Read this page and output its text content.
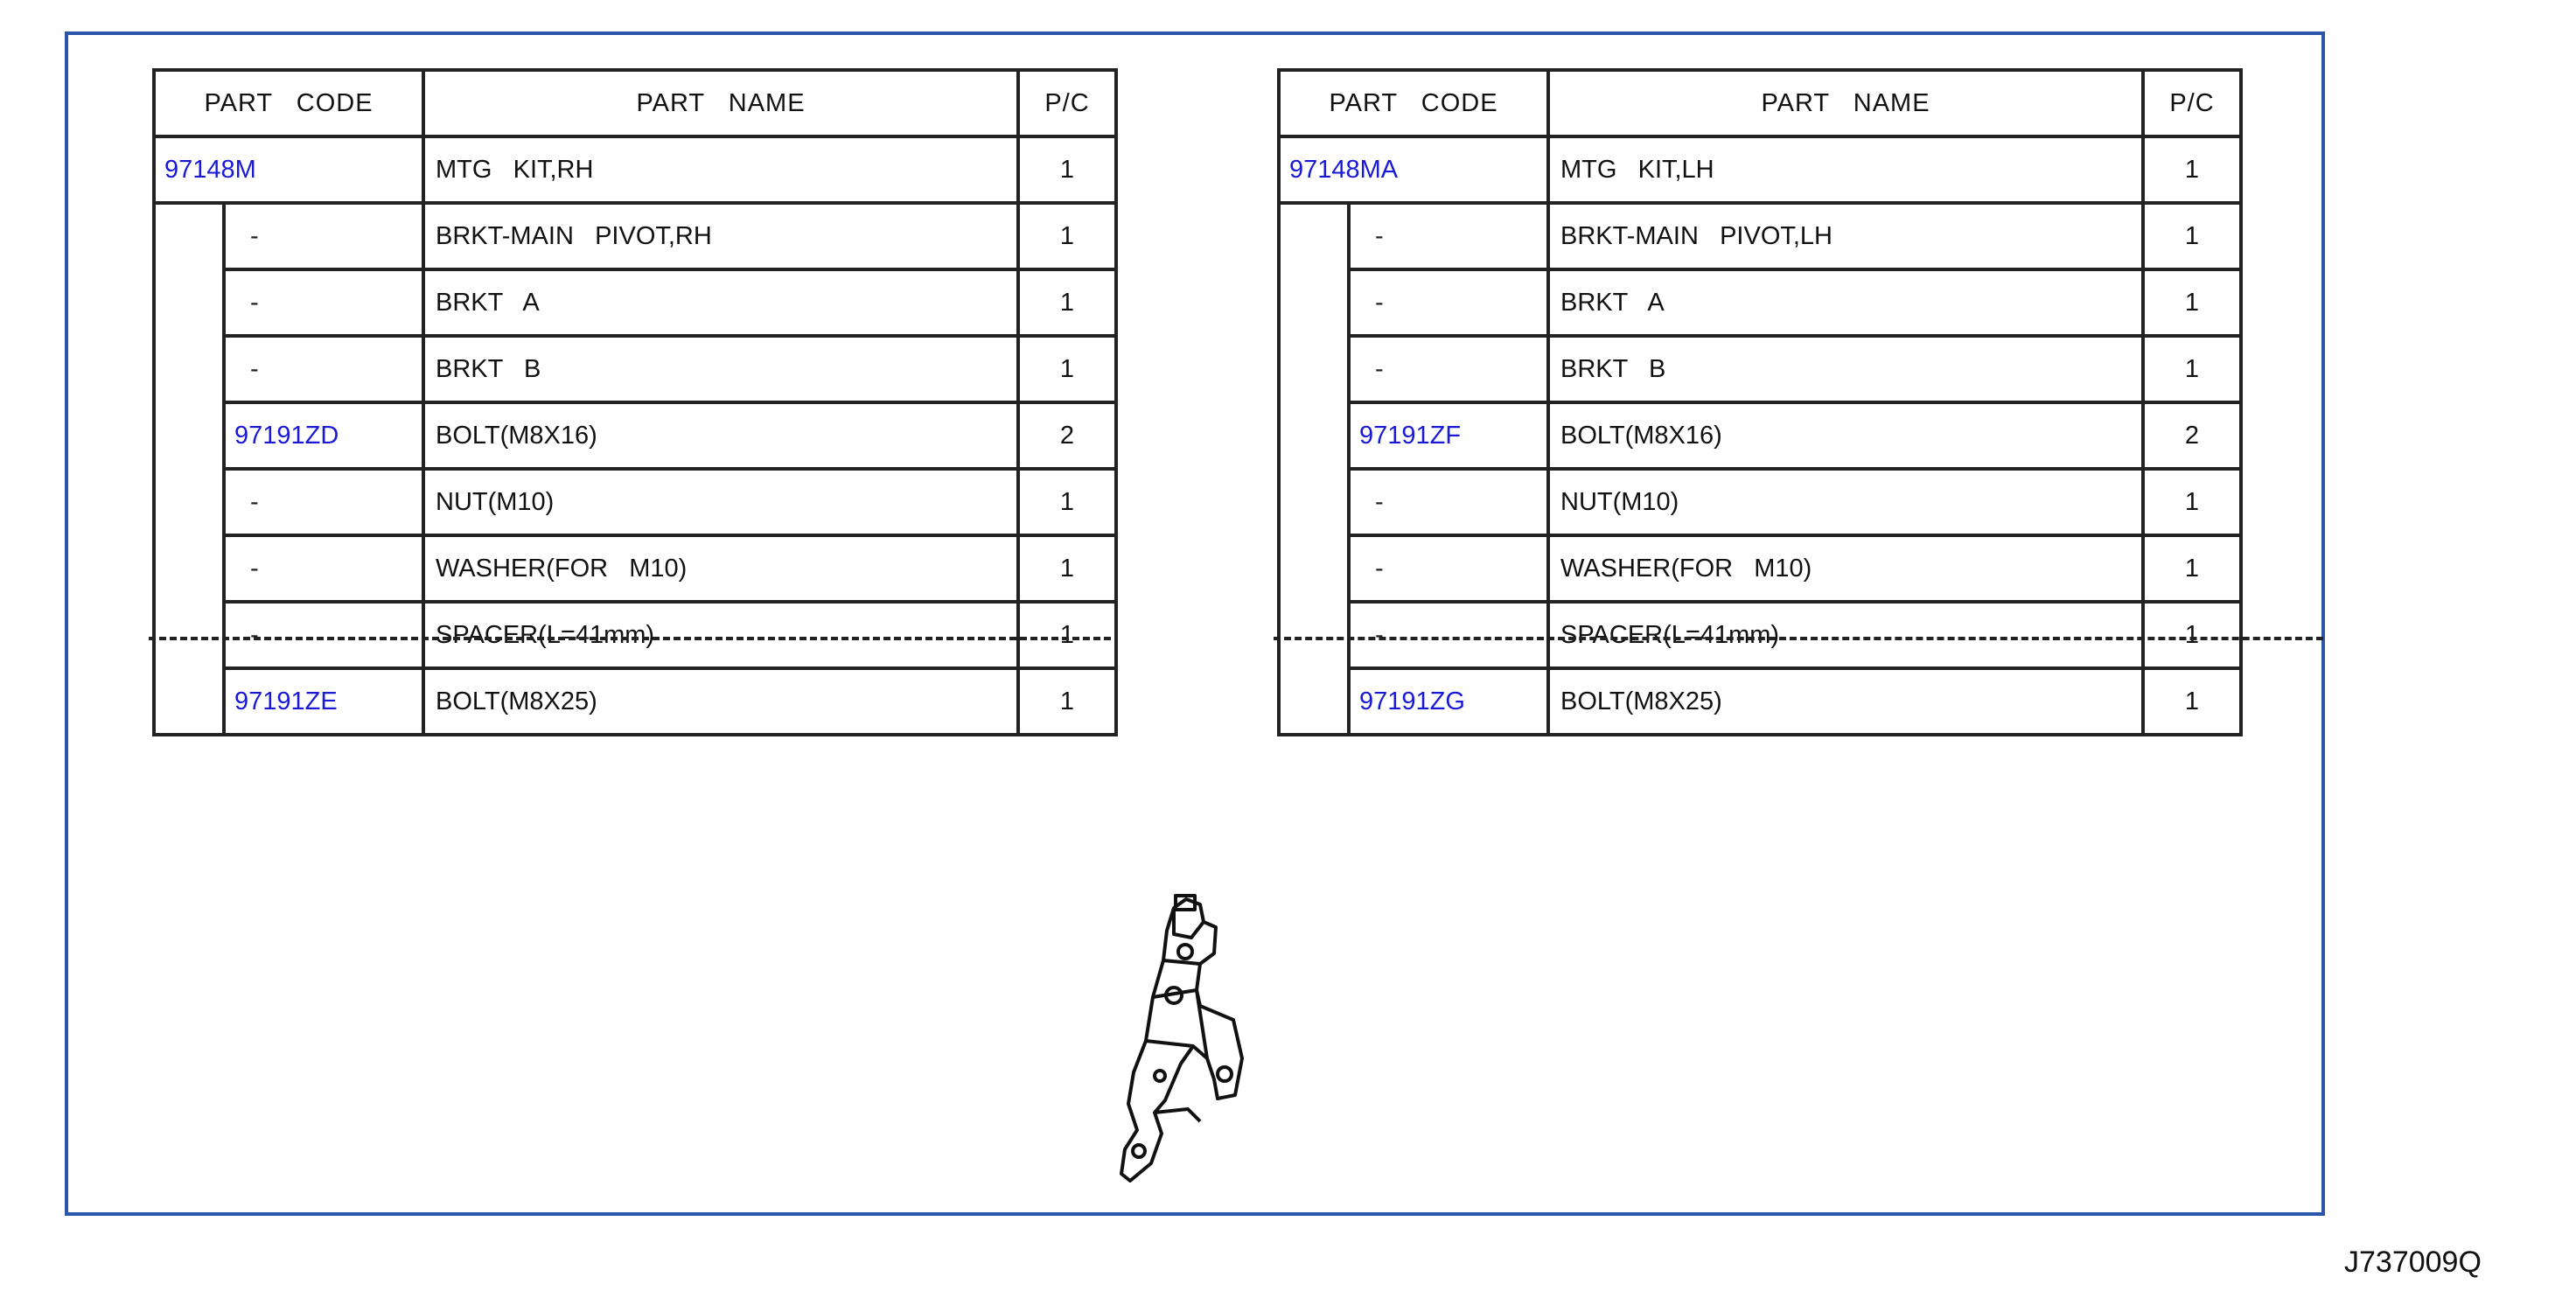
PART   CODE		PART   NAME	P/C
97148M		MTG   KIT,RH	1
	-	BRKT-MAIN   PIVOT,RH	1
	-	BRKT   A	1
	-	BRKT   B	1
	97191ZD	BOLT(M8X16)	2
	-	NUT(M10)	1
	-	WASHER(FOR   M10)	1
	-	SPACER(L=41mm)	1
	97191ZE	BOLT(M8X25)	1
PART   CODE		PART   NAME	P/C
97148MA		MTG   KIT,LH	1
	-	BRKT-MAIN   PIVOT,LH	1
	-	BRKT   A	1
	-	BRKT   B	1
	97191ZF	BOLT(M8X16)	2
	-	NUT(M10)	1
	-	WASHER(FOR   M10)	1
	-	SPACER(L=41mm)	1
	97191ZG	BOLT(M8X25)	1
J737009Q
